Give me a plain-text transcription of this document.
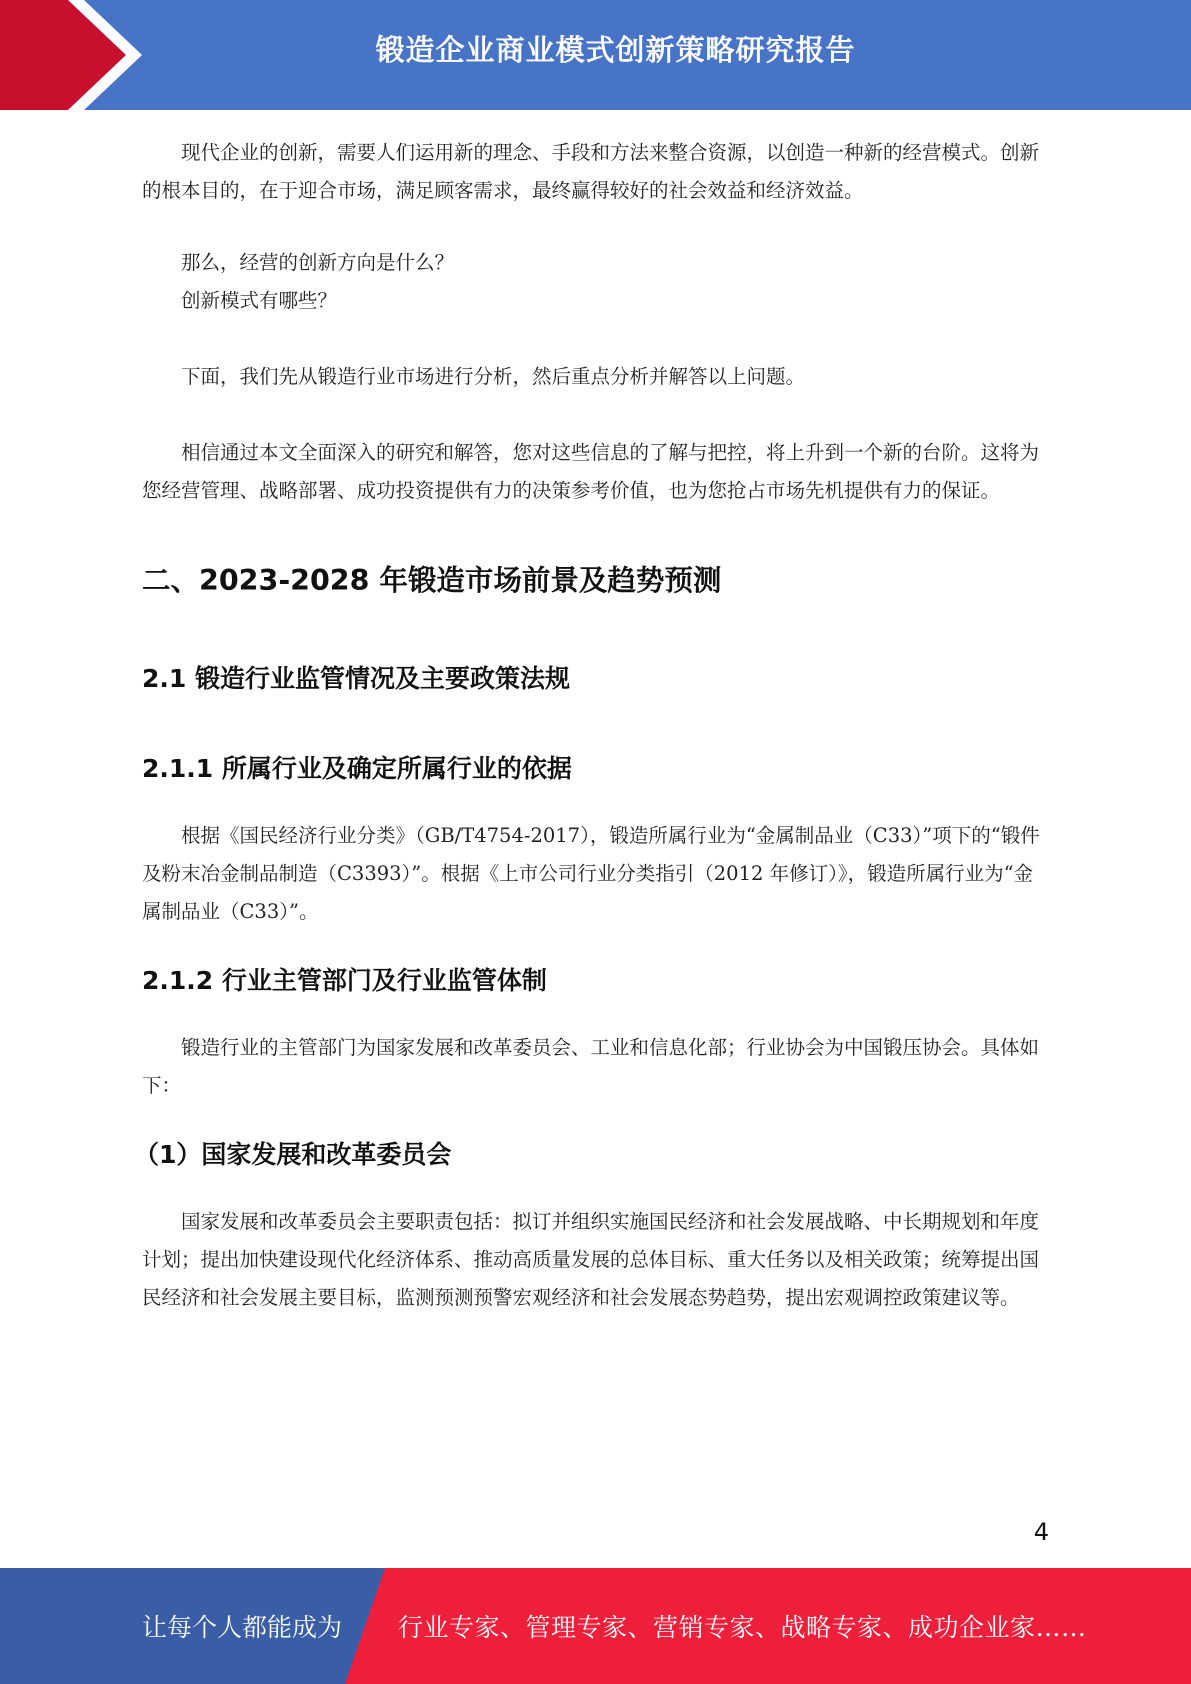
锻造企业商业模式创新策略研究报告

现代企业的创新，需要人们运用新的理念、手段和方法来整合资源，以创造一种新的经营模式。创新的根本目的，在于迎合市场，满足顾客需求，最终赢得较好的社会效益和经济效益。

那么，经营的创新方向是什么？

创新模式有哪些？

下面，我们先从锻造行业市场进行分析，然后重点分析并解答以上问题。

相信通过本文全面深入的研究和解答，您对这些信息的了解与把控，将上升到一个新的台阶。这将为您经营管理、战略部署、成功投资提供有力的决策参考价值，也为您抢占市场先机提供有力的保证。

二、2023-2028 年锻造市场前景及趋势预测
2.1 锻造行业监管情况及主要政策法规
2.1.1 所属行业及确定所属行业的依据

根据《国民经济行业分类》（GB/T4754-2017），锻造所属行业为“金属制品业（C33）”项下的“锻件及粉末冶金制品制造（C3393）”。根据《上市公司行业分类指引（2012 年修订）》，锻造所属行业为“金属制品业（C33）”。

2.1.2 行业主管部门及行业监管体制

锻造行业的主管部门为国家发展和改革委员会、工业和信息化部；行业协会为中国锻压协会。具体如下：

（1）国家发展和改革委员会

国家发展和改革委员会主要职责包括：拟订并组织实施国民经济和社会发展战略、中长期规划和年度计划；提出加快建设现代化经济体系、推动高质量发展的总体目标、重大任务以及相关政策；统筹提出国民经济和社会发展主要目标，监测预测预警宏观经济和社会发展态势趋势，提出宏观调控政策建议等。

4
让每个人都能成为 行业专家、管理专家、营销专家、战略专家、成功企业家……
